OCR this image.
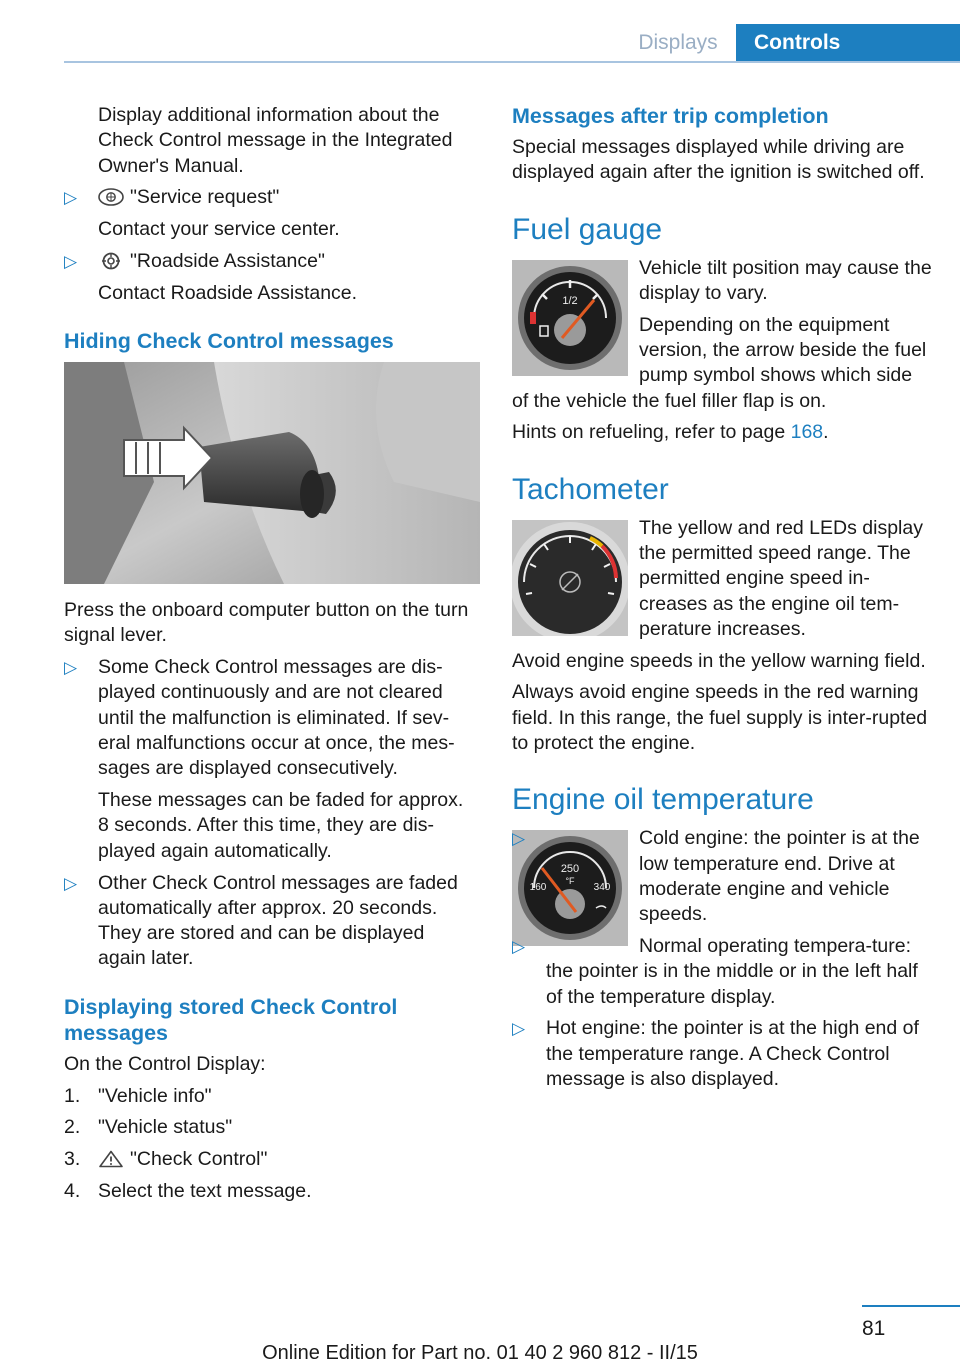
Displays	Controls

Display additional information about the Check Control message in the Integrated Owner's Manual.

▷	"Service request"

Contact your service center.

▷	"Roadside Assistance"

Contact Roadside Assistance.

Hiding Check Control messages

Press the onboard computer button on the turn signal lever.

▷ Some Check Control messages are dis‐played continuously and are not cleared until the malfunction is eliminated. If sev‐eral malfunctions occur at once, the mes‐sages are displayed consecutively.

These messages can be faded for approx. 8 seconds. After this time, they are dis‐played again automatically.

▷ Other Check Control messages are faded automatically after approx. 20 seconds. They are stored and can be displayed again later.

Displaying stored Check Control messages

On the Control Display:

1. "Vehicle info"

2. "Vehicle status"

3.	"Check Control"

4. Select the text message.

Messages after trip completion

Special messages displayed while driving are displayed again after the ignition is switched off.

Fuel gauge
1/2

Vehicle tilt position may cause the display to vary.

Depending on the equipment version, the arrow beside the fuel pump symbol shows which side of the vehicle the fuel filler flap is on.

Hints on refueling, refer to page 168.

Tachometer

The yellow and red LEDs display the permitted speed range. The permitted engine speed in‐creases as the engine oil tem‐perature increases.

Avoid engine speeds in the yellow warning field.

Always avoid engine speeds in the red warning field. In this range, the fuel supply is inter‐rupted to protect the engine.

Engine oil temperature
250
°F
160	340
▷	Cold engine: the pointer is at the low temperature end. Drive at moderate engine and vehicle speeds.

▷	Normal operating tempera‐ture: the pointer is in the middle or in the left half of the temperature display.

▷ Hot engine: the pointer is at the high end of the temperature range. A Check Control message is also displayed.

81
Online Edition for Part no. 01 40 2 960 812 - II/15
